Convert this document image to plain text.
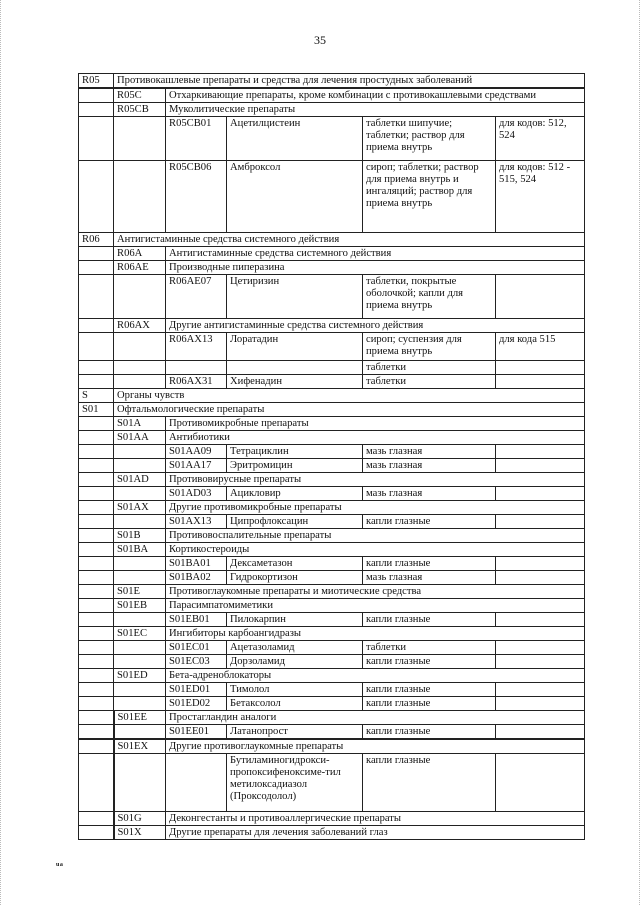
35
R05	Противокашлевые препараты и средства для лечения простудных заболеваний				
	R05C	Отхаркивающие препараты, кроме комбинации с противокашлевыми средствами			
	R05CB	Муколитические препараты			
		R05CB01	Ацетилцистеин	таблетки шипучие; таблетки; раствор для приема внутрь	для кодов: 512, 524
		R05CB06	Амброксол	сироп; таблетки; раствор для приема внутрь и ингаляций; раствор для приема внутрь	для кодов: 512 - 515, 524
R06	Антигистаминные средства системного действия				
	R06A	Антигистаминные средства системного действия			
	R06AE	Производные пиперазина			
		R06AE07	Цетиризин	таблетки, покрытые оболочкой; капли для приема внутрь	
	R06AX	Другие антигистаминные средства системного действия			
		R06AX13	Лоратадин	сироп; суспензия для приема внутрь	для кода 515
				таблетки	
		R06AX31	Хифенадин	таблетки	
S	Органы чувств				
S01	Офтальмологические препараты				
	S01A	Противомикробные препараты			
	S01AA	Антибиотики			
		S01AA09	Тетрациклин	мазь глазная	
		S01AA17	Эритромицин	мазь глазная	
	S01AD	Противовирусные препараты			
		S01AD03	Ацикловир	мазь глазная	
	S01AX	Другие противомикробные препараты			
		S01AX13	Ципрофлоксацин	капли глазные	
	S01B	Противовоспалительные препараты			
	S01BA	Кортикостероиды			
		S01BA01	Дексаметазон	капли глазные	
		S01BA02	Гидрокортизон	мазь глазная	
	S01E	Противоглаукомные препараты и миотические средства			
	S01EB	Парасимпатомиметики			
		S01EB01	Пилокарпин	капли глазные	
	S01EC	Ингибиторы карбоангидразы			
		S01EC01	Ацетазоламид	таблетки	
		S01EC03	Дорзоламид	капли глазные	
	S01ED	Бета-адреноблокаторы			
		S01ED01	Тимолол	капли глазные	
		S01ED02	Бетаксолол	капли глазные	
	S01EE	Простагландин аналоги			
		S01EE01	Латанопрост	капли глазные	
	S01EX	Другие противоглаукомные препараты			
			Бутиламиногидрокси-пропоксифеноксиме-тил метилоксадиазол (Проксодолол)	капли глазные	
	S01G	Деконгестанты и противоаллергические препараты			
	S01X	Другие препараты для лечения заболеваний глаз			
ua
